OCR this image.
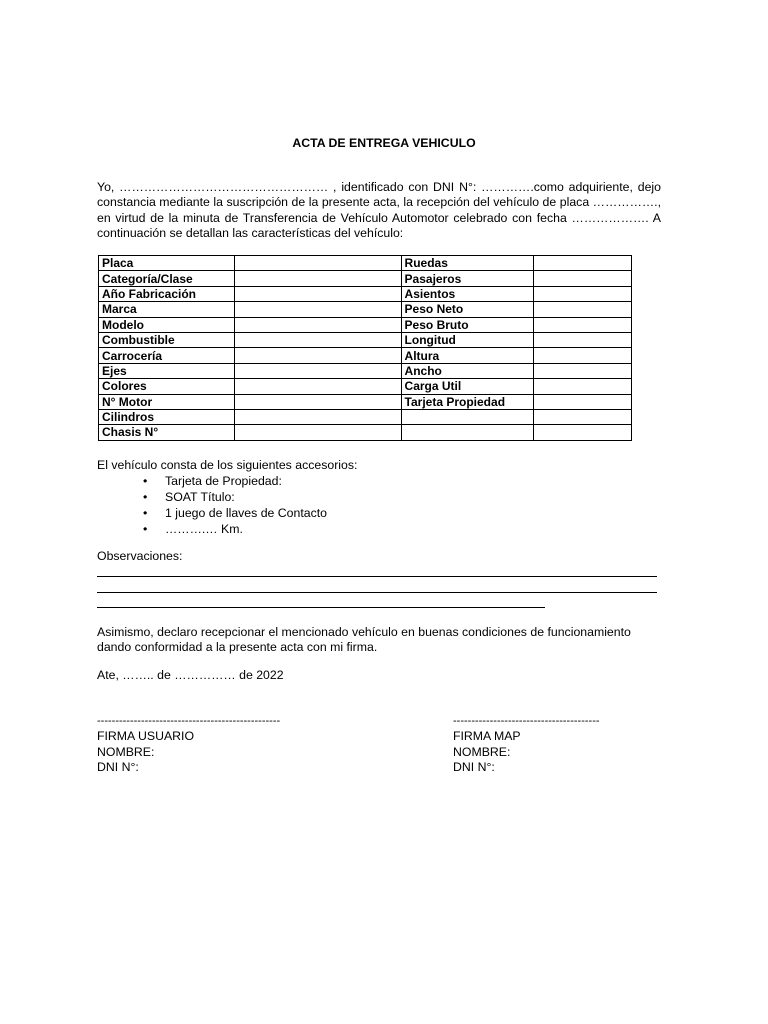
ACTA DE ENTREGA VEHICULO

Yo, …………………………………………… , identificado con DNI N°: ………….como adquiriente, dejo constancia mediante la suscripción de la presente acta, la recepción del vehículo de placa ……………., en virtud de la minuta de Transferencia de Vehículo Automotor celebrado con fecha ………………. A continuación se detallan las características del vehículo:

Placa		Ruedas	
Categoría/Clase		Pasajeros	
Año Fabricación		Asientos	
Marca		Peso Neto	
Modelo		Peso Bruto	
Combustible		Longitud	
Carrocería		Altura	
Ejes		Ancho	
Colores		Carga Util	
N° Motor		Tarjeta Propiedad	
Cilindros			
Chasis N°			

El vehículo consta de los siguientes accesorios:

• Tarjeta de Propiedad:
• SOAT Título:
• 1 juego de llaves de Contacto
• ……….… Km.

Observaciones:

Asimismo, declaro recepcionar el mencionado vehículo en buenas condiciones de funcionamiento dando conformidad a la presente acta con mi firma.

Ate, …….. de …………… de 2022

--------------------------------------------------
FIRMA USUARIO
NOMBRE:
DNI N°:
----------------------------------------
FIRMA MAP
NOMBRE:
DNI N°:
